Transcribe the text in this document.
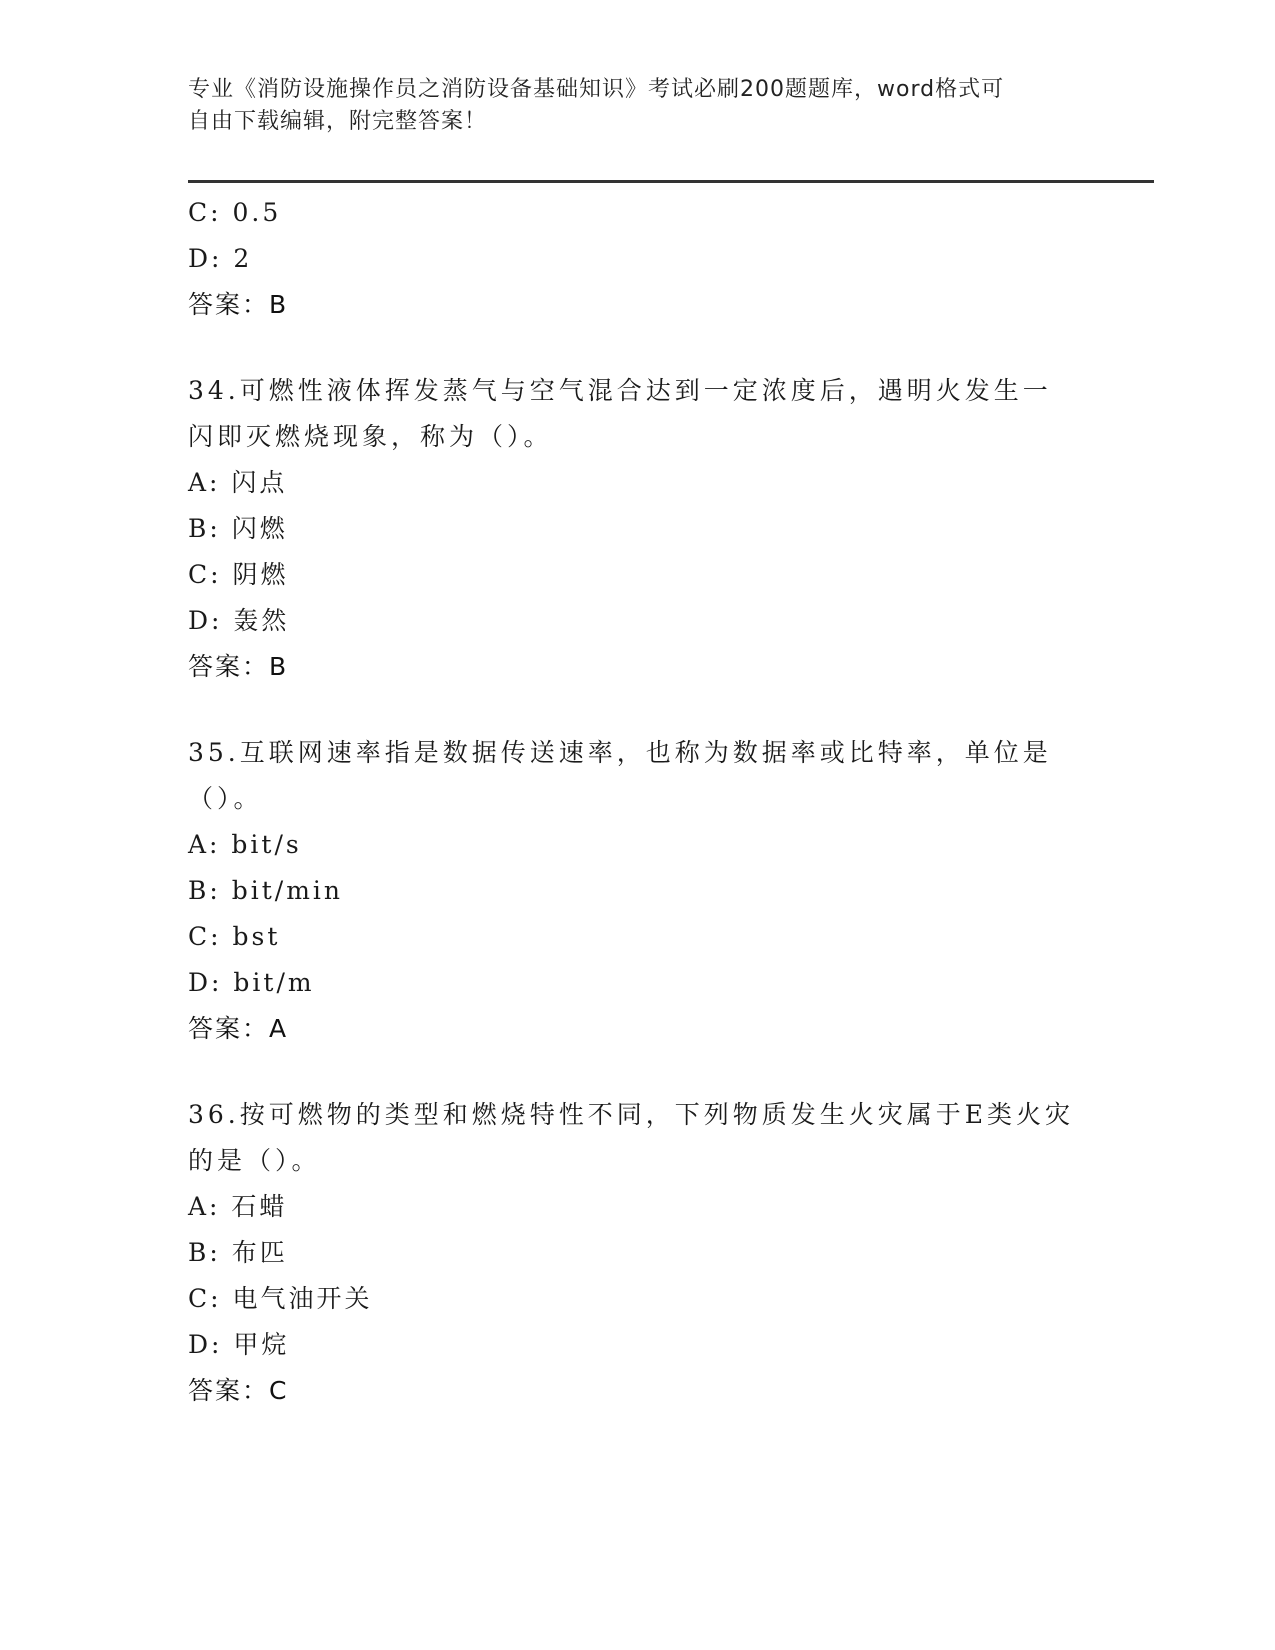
专业《消防设施操作员之消防设备基础知识》考试必刷200题题库，word格式可
自由下载编辑，附完整答案！
C: 0.5
D: 2
答案：B
34.可燃性液体挥发蒸气与空气混合达到一定浓度后，遇明火发生一闪即灭燃烧现象，称为（）。
A: 闪点
B: 闪燃
C: 阴燃
D: 轰然
答案：B
35.互联网速率指是数据传送速率，也称为数据率或比特率，单位是（）。
A: bit/s
B: bit/min
C: bst
D: bit/m
答案：A
36.按可燃物的类型和燃烧特性不同，下列物质发生火灾属于E类火灾的是（）。
A: 石蜡
B: 布匹
C: 电气油开关
D: 甲烷
答案：C
